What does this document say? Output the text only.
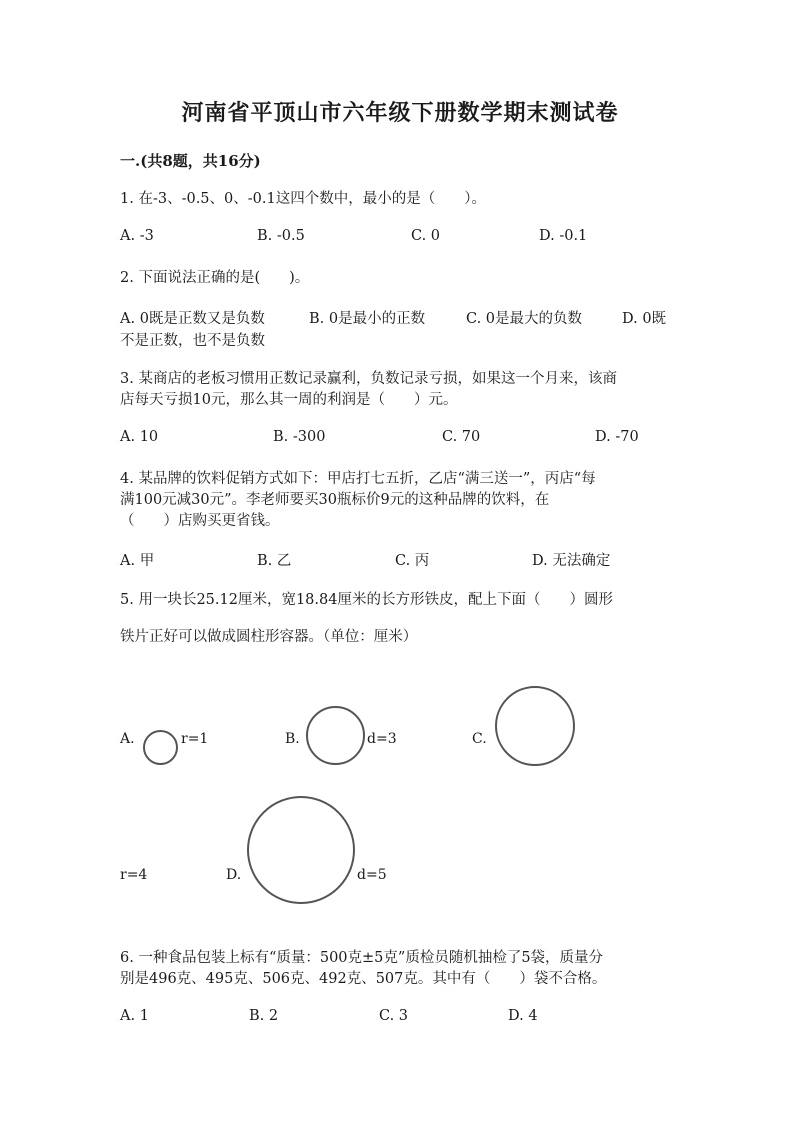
河南省平顶山市六年级下册数学期末测试卷
一.(共8题，共16分)
1. 在-3、-0.5、0、-0.1这四个数中，最小的是（　　）。
A. -3	B. -0.5	C. 0	D. -0.1
2. 下面说法正确的是(　　)。
A. 0既是正数又是负数	B. 0是最小的正数	C. 0是最大的负数	D. 0既
不是正数，也不是负数
3. 某商店的老板习惯用正数记录赢利，负数记录亏损，如果这一个月来，该商
店每天亏损10元，那么其一周的利润是（　　）元。
A. 10	B. -300	C. 70	D. -70
4. 某品牌的饮料促销方式如下：甲店打七五折，乙店“满三送一”，丙店“每
满100元减30元”。李老师要买30瓶标价9元的这种品牌的饮料，在
（　　）店购买更省钱。
A. 甲	B. 乙	C. 丙	D. 无法确定
5. 用一块长25.12厘米，宽18.84厘米的长方形铁皮，配上下面（　　）圆形
铁片正好可以做成圆柱形容器。（单位：厘米）
A.	r=1	B.	d=3	C.
r=4	D.	d=5
6. 一种食品包装上标有“质量：500克±5克”质检员随机抽检了5袋，质量分
别是496克、495克、506克、492克、507克。其中有（　　）袋不合格。
A. 1	B. 2	C. 3	D. 4
